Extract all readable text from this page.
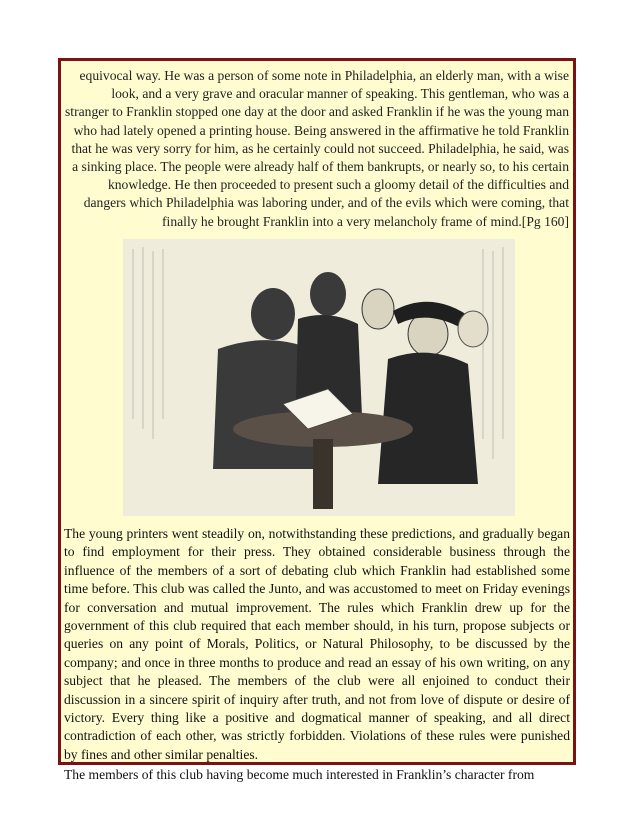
equivocal way. He was a person of some note in Philadelphia, an elderly man, with a wise look, and a very grave and oracular manner of speaking. This gentleman, who was a stranger to Franklin stopped one day at the door and asked Franklin if he was the young man who had lately opened a printing house. Being answered in the affirmative he told Franklin that he was very sorry for him, as he certainly could not succeed. Philadelphia, he said, was a sinking place. The people were already half of them bankrupts, or nearly so, to his certain knowledge. He then proceeded to present such a gloomy detail of the difficulties and dangers which Philadelphia was laboring under, and of the evils which were coming, that finally he brought Franklin into a very melancholy frame of mind.[Pg 160]

The young printers went steadily on, notwithstanding these predictions, and gradually began to find employment for their press. They obtained considerable business through the influence of the members of a sort of debating club which Franklin had established some time before. This club was called the Junto, and was accustomed to meet on Friday evenings for conversation and mutual improvement. The rules which Franklin drew up for the government of this club required that each member should, in his turn, propose subjects or queries on any point of Morals, Politics, or Natural Philosophy, to be discussed by the company; and once in three months to produce and read an essay of his own writing, on any subject that he pleased. The members of the club were all enjoined to conduct their discussion in a sincere spirit of inquiry after truth, and not from love of dispute or desire of victory. Every thing like a positive and dogmatical manner of speaking, and all direct contradiction of each other, was strictly forbidden. Violations of these rules were punished by fines and other similar penalties.

The members of this club having become much interested in Franklin’s character from
